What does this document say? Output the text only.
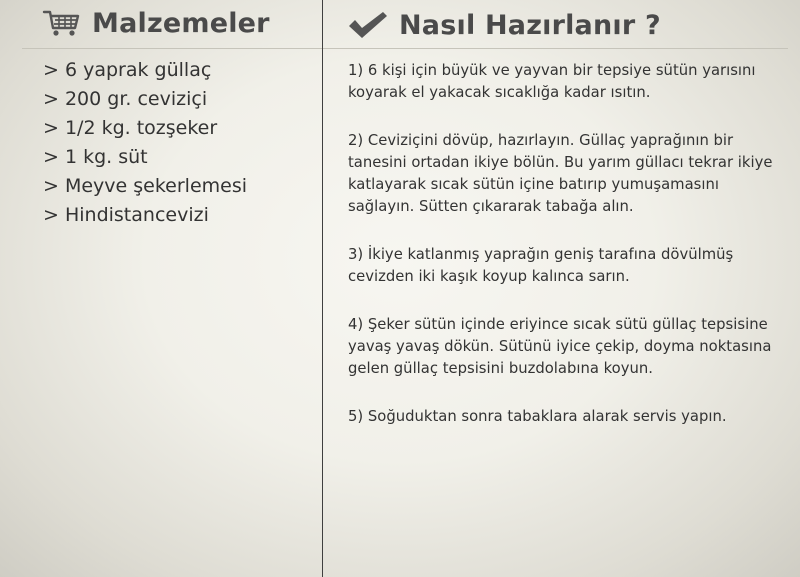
Malzemeler
> 6 yaprak güllaç
> 200 gr. ceviziçi
> 1/2 kg. tozşeker
> 1 kg. süt
> Meyve şekerlemesi
> Hindistancevizi
Nasıl Hazırlanır ?

1) 6 kişi için büyük ve yayvan bir tepsiye sütün yarısını koyarak el yakacak sıcaklığa kadar ısıtın.

2) Ceviziçini dövüp, hazırlayın. Güllaç yaprağının bir tanesini ortadan ikiye bölün. Bu yarım güllacı tekrar ikiye katlayarak sıcak sütün içine batırıp yumuşamasını sağlayın. Sütten çıkararak tabağa alın.

3) İkiye katlanmış yaprağın geniş tarafına dövülmüş cevizden iki kaşık koyup kalınca sarın.

4) Şeker sütün içinde eriyince sıcak sütü güllaç tepsisine yavaş yavaş dökün. Sütünü iyice çekip, doyma noktasına gelen güllaç tepsisini buzdolabına koyun.

5) Soğuduktan sonra tabaklara alarak servis yapın.
